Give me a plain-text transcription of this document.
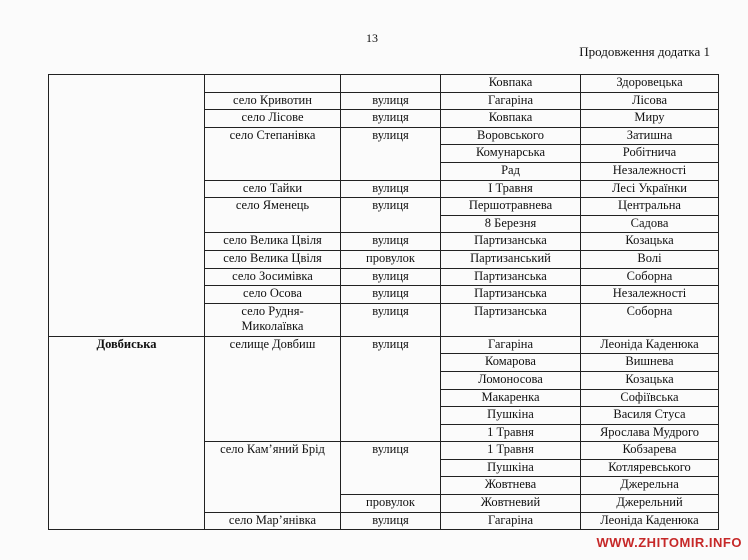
13
Продовження додатка 1
			Ковпака	Здоровецька
	село Кривотин	вулиця	Гагаріна	Лісова
	село Лісове	вулиця	Ковпака	Миру
	село Степанівка	вулиця	Воровського	Затишна
			Комунарська	Робітнича
			Рад	Незалежності
	село Тайки	вулиця	І Травня	Лесі Українки
	село Яменець	вулиця	Першотравнева	Центральна
			8 Березня	Садова
	село Велика Цвіля	вулиця	Партизанська	Козацька
	село Велика Цвіля	провулок	Партизанський	Волі
	село Зосимівка	вулиця	Партизанська	Соборна
	село Осова	вулиця	Партизанська	Незалежності
	село Рудня-
Миколаївка	вулиця	Партизанська	Соборна
Довбиська	селище Довбиш	вулиця	Гагаріна	Леоніда Каденюка
			Комарова	Вишнева
			Ломоносова	Козацька
			Макаренка	Софіївська
			Пушкіна	Василя Стуса
			1 Травня	Ярослава Мудрого
	село Кам’яний Брід	вулиця	1 Травня	Кобзарева
			Пушкіна	Котляревського
			Жовтнева	Джерельна
		провулок	Жовтневий	Джерельний
	село Мар’янівка	вулиця	Гагаріна	Леоніда Каденюка
WWW.ZHITOMIR.INFO
